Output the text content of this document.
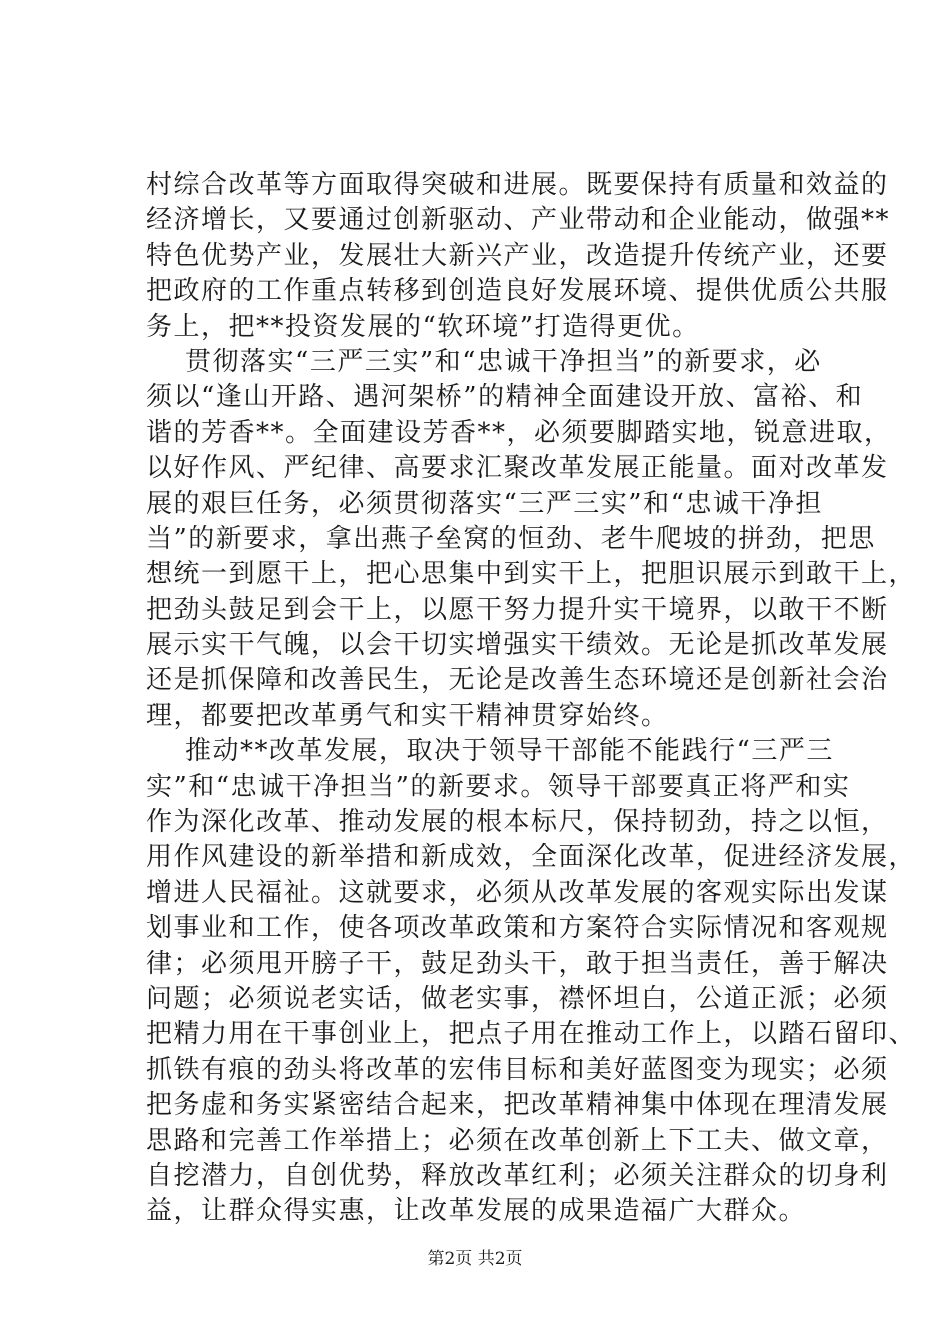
村综合改革等方面取得突破和进展。既要保持有质量和效益的
经济增长，又要通过创新驱动、产业带动和企业能动，做强**
特色优势产业，发展壮大新兴产业，改造提升传统产业，还要
把政府的工作重点转移到创造良好发展环境、提供优质公共服
务上，把**投资发展的“软环境”打造得更优。
贯彻落实“三严三实”和“忠诚干净担当”的新要求，必
须以“逢山开路、遇河架桥”的精神全面建设开放、富裕、和
谐的芳香**。全面建设芳香**，必须要脚踏实地，锐意进取，
以好作风、严纪律、高要求汇聚改革发展正能量。面对改革发
展的艰巨任务，必须贯彻落实“三严三实”和“忠诚干净担
当”的新要求，拿出燕子垒窝的恒劲、老牛爬坡的拼劲，把思
想统一到愿干上，把心思集中到实干上，把胆识展示到敢干上，
把劲头鼓足到会干上，以愿干努力提升实干境界，以敢干不断
展示实干气魄，以会干切实增强实干绩效。无论是抓改革发展
还是抓保障和改善民生，无论是改善生态环境还是创新社会治
理，都要把改革勇气和实干精神贯穿始终。
推动**改革发展，取决于领导干部能不能践行“三严三
实”和“忠诚干净担当”的新要求。领导干部要真正将严和实
作为深化改革、推动发展的根本标尺，保持韧劲，持之以恒，
用作风建设的新举措和新成效，全面深化改革，促进经济发展，
增进人民福祉。这就要求，必须从改革发展的客观实际出发谋
划事业和工作，使各项改革政策和方案符合实际情况和客观规
律；必须甩开膀子干，鼓足劲头干，敢于担当责任，善于解决
问题；必须说老实话，做老实事，襟怀坦白，公道正派；必须
把精力用在干事创业上，把点子用在推动工作上，以踏石留印、
抓铁有痕的劲头将改革的宏伟目标和美好蓝图变为现实；必须
把务虚和务实紧密结合起来，把改革精神集中体现在理清发展
思路和完善工作举措上；必须在改革创新上下工夫、做文章，
自挖潜力，自创优势，释放改革红利；必须关注群众的切身利
益，让群众得实惠，让改革发展的成果造福广大群众。
第2页 共2页
